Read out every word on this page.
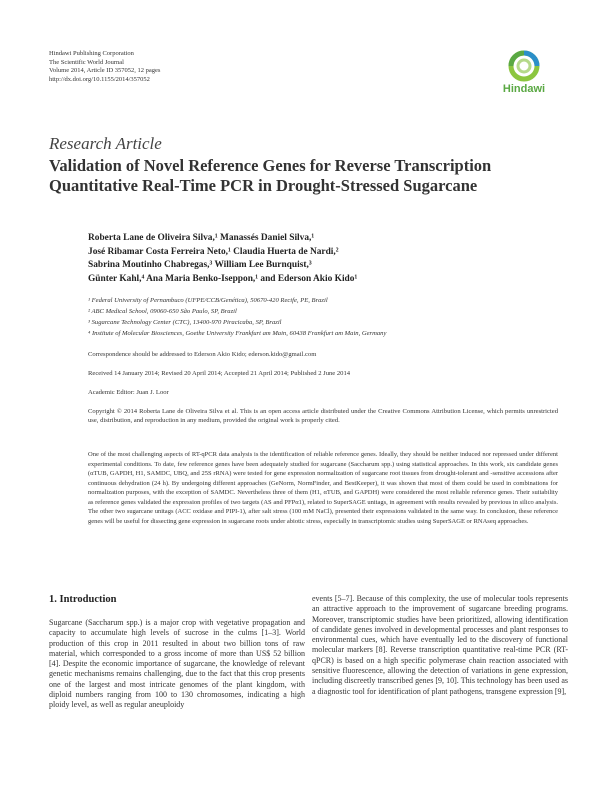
Hindawi Publishing Corporation
The Scientific World Journal
Volume 2014, Article ID 357052, 12 pages
http://dx.doi.org/10.1155/2014/357052
Hindawi
Research Article
Validation of Novel Reference Genes for Reverse Transcription Quantitative Real-Time PCR in Drought-Stressed Sugarcane
Roberta Lane de Oliveira Silva,¹ Manassés Daniel Silva,¹
José Ribamar Costa Ferreira Neto,¹ Claudia Huerta de Nardi,²
Sabrina Moutinho Chabregas,³ William Lee Burnquist,³
Günter Kahl,⁴ Ana Maria Benko-Iseppon,¹ and Ederson Akio Kido¹
¹ Federal University of Pernambuco (UFPE/CCB/Genética), 50670-420 Recife, PE, Brazil
² ABC Medical School, 09060-650 São Paulo, SP, Brazil
³ Sugarcane Technology Center (CTC), 13400-970 Piracicaba, SP, Brazil
⁴ Institute of Molecular Biosciences, Goethe University Frankfurt am Main, 60438 Frankfurt am Main, Germany
Correspondence should be addressed to Ederson Akio Kido; ederson.kido@gmail.com
Received 14 January 2014; Revised 20 April 2014; Accepted 21 April 2014; Published 2 June 2014
Academic Editor: Juan J. Loor
Copyright © 2014 Roberta Lane de Oliveira Silva et al. This is an open access article distributed under the Creative Commons Attribution License, which permits unrestricted use, distribution, and reproduction in any medium, provided the original work is properly cited.
One of the most challenging aspects of RT-qPCR data analysis is the identification of reliable reference genes. Ideally, they should be neither induced nor repressed under different experimental conditions. To date, few reference genes have been adequately studied for sugarcane (Saccharum spp.) using statistical approaches. In this work, six candidate genes (αTUB, GAPDH, H1, SAMDC, UBQ, and 25S rRNA) were tested for gene expression normalization of sugarcane root tissues from drought-tolerant and -sensitive accessions after continuous dehydration (24 h). By undergoing different approaches (GeNorm, NormFinder, and BestKeeper), it was shown that most of them could be used in combinations for normalization purposes, with the exception of SAMDC. Nevertheless three of them (H1, αTUB, and GAPDH) were considered the most reliable reference genes. Their suitability as reference genes validated the expression profiles of two targets (AS and PFPα1), related to SuperSAGE unitags, in agreement with results revealed by previous in silico analysis. The other two sugarcane unitags (ACC oxidase and PIPI-1), after salt stress (100 mM NaCl), presented their expressions validated in the same way. In conclusion, these reference genes will be useful for dissecting gene expression in sugarcane roots under abiotic stress, especially in transcriptomic studies using SuperSAGE or RNAseq approaches.
1. Introduction
Sugarcane (Saccharum spp.) is a major crop with vegetative propagation and capacity to accumulate high levels of sucrose in the culms [1–3]. World production of this crop in 2011 resulted in about two billion tons of raw material, which corresponded to a gross income of more than US$ 52 billion [4]. Despite the economic importance of sugarcane, the knowledge of relevant genetic mechanisms remains challenging, due to the fact that this crop presents one of the largest and most intricate genomes of the plant kingdom, with diploid numbers ranging from 100 to 130 chromosomes, indicating a high ploidy level, as well as regular aneuploidy
events [5–7]. Because of this complexity, the use of molecular tools represents an attractive approach to the improvement of sugarcane breeding programs. Moreover, transcriptomic studies have been prioritized, allowing identification of candidate genes involved in developmental processes and plant responses to environmental cues, which have eventually led to the discovery of functional molecular markers [8]. Reverse transcription quantitative real-time PCR (RT-qPCR) is based on a high specific polymerase chain reaction associated with sensitive fluorescence, allowing the detection of variations in gene expression, including discreetly transcribed genes [9, 10]. This technology has been used as a diagnostic tool for identification of plant pathogens, transgene expression [9],
